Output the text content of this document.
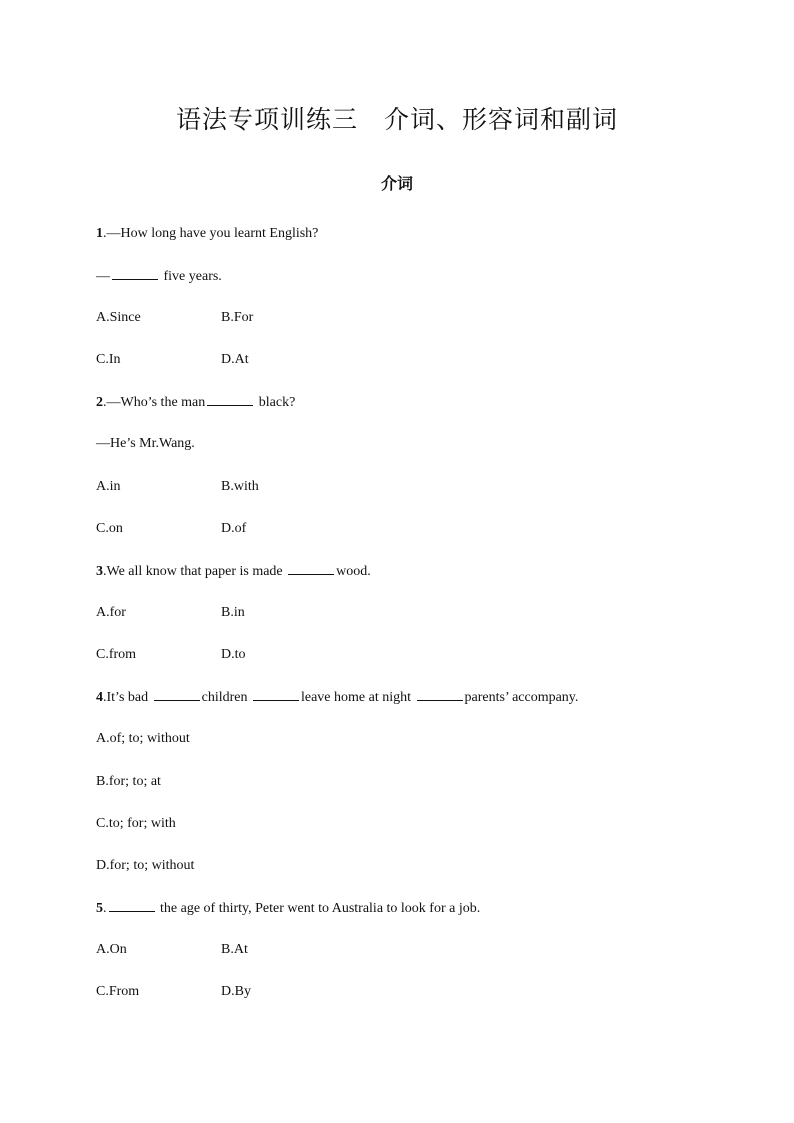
语法专项训练三　介词、形容词和副词
介词
1.—How long have you learnt English?
—	five years.
A.Since	B.For
C.In	D.At
2.—Who’s the man	black?
—He’s Mr.Wang.
A.in	B.with
C.on	D.of
3.We all know that paper is made	wood.
A.for	B.in
C.from	D.to
4.It’s bad	children	leave home at night	parents’ accompany.
A.of; to; without
B.for; to; at
C.to; for; with
D.for; to; without
5.	the age of thirty, Peter went to Australia to look for a job.
A.On	B.At
C.From	D.By
